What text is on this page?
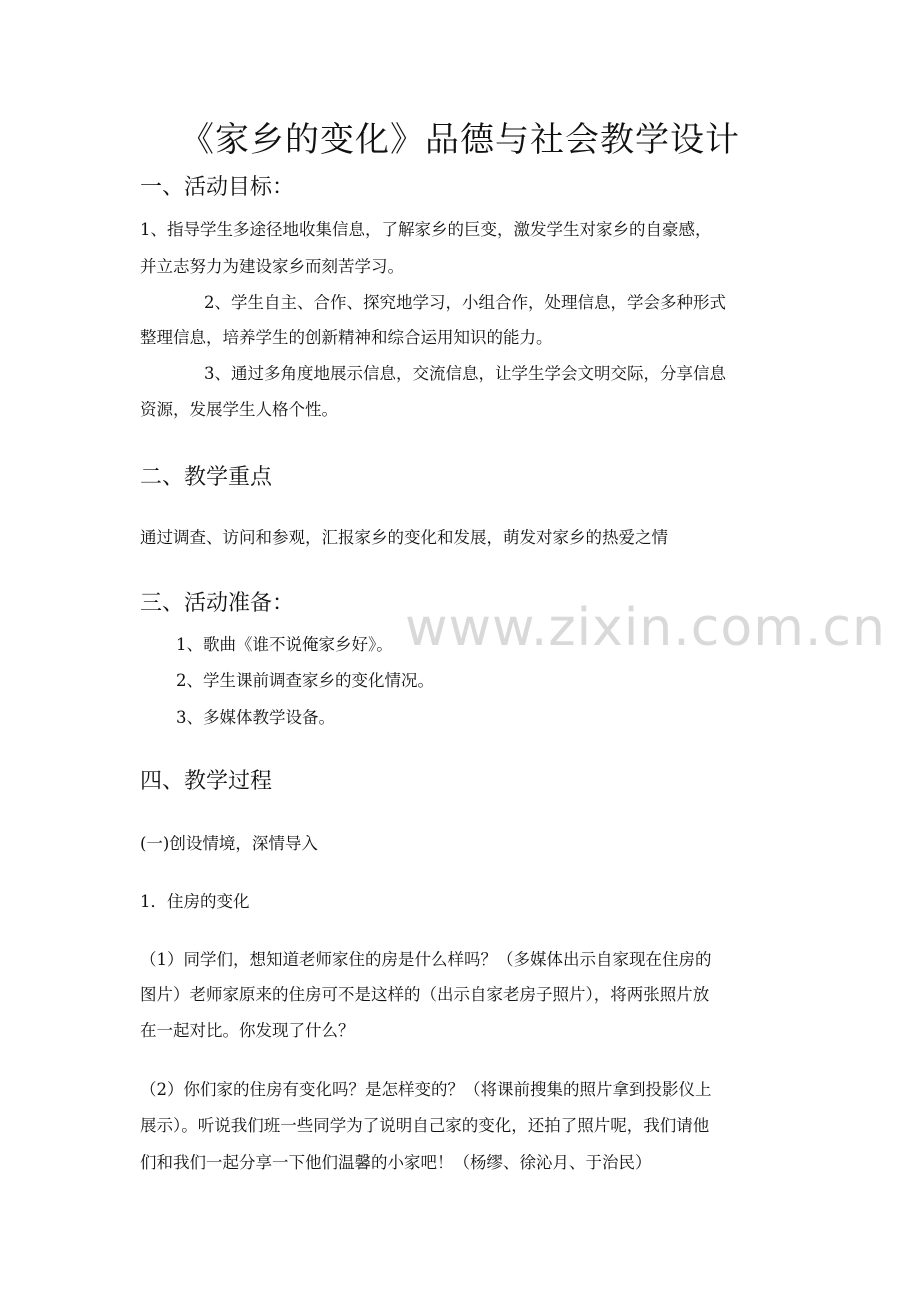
《家乡的变化》品德与社会教学设计
一、活动目标：
1、指导学生多途径地收集信息，了解家乡的巨变，激发学生对家乡的自豪感，
并立志努力为建设家乡而刻苦学习。
2、学生自主、合作、探究地学习，小组合作，处理信息，学会多种形式
整理信息，培养学生的创新精神和综合运用知识的能力。
3、通过多角度地展示信息，交流信息，让学生学会文明交际，分享信息
资源，发展学生人格个性。
二、教学重点
通过调查、访问和参观，汇报家乡的变化和发展，萌发对家乡的热爱之情
三、活动准备：
1、歌曲《谁不说俺家乡好》。
2、学生课前调查家乡的变化情况。
3、多媒体教学设备。
四、教学过程
(一)创设情境，深情导入
1．住房的变化
（1）同学们，想知道老师家住的房是什么样吗？（多媒体出示自家现在住房的
图片）老师家原来的住房可不是这样的（出示自家老房子照片），将两张照片放
在一起对比。你发现了什么？
（2）你们家的住房有变化吗？是怎样变的？（将课前搜集的照片拿到投影仪上
展示）。听说我们班一些同学为了说明自己家的变化，还拍了照片呢，我们请他
们和我们一起分享一下他们温馨的小家吧！（杨缪、徐沁月、于治民）
www.zixin.com.cn
